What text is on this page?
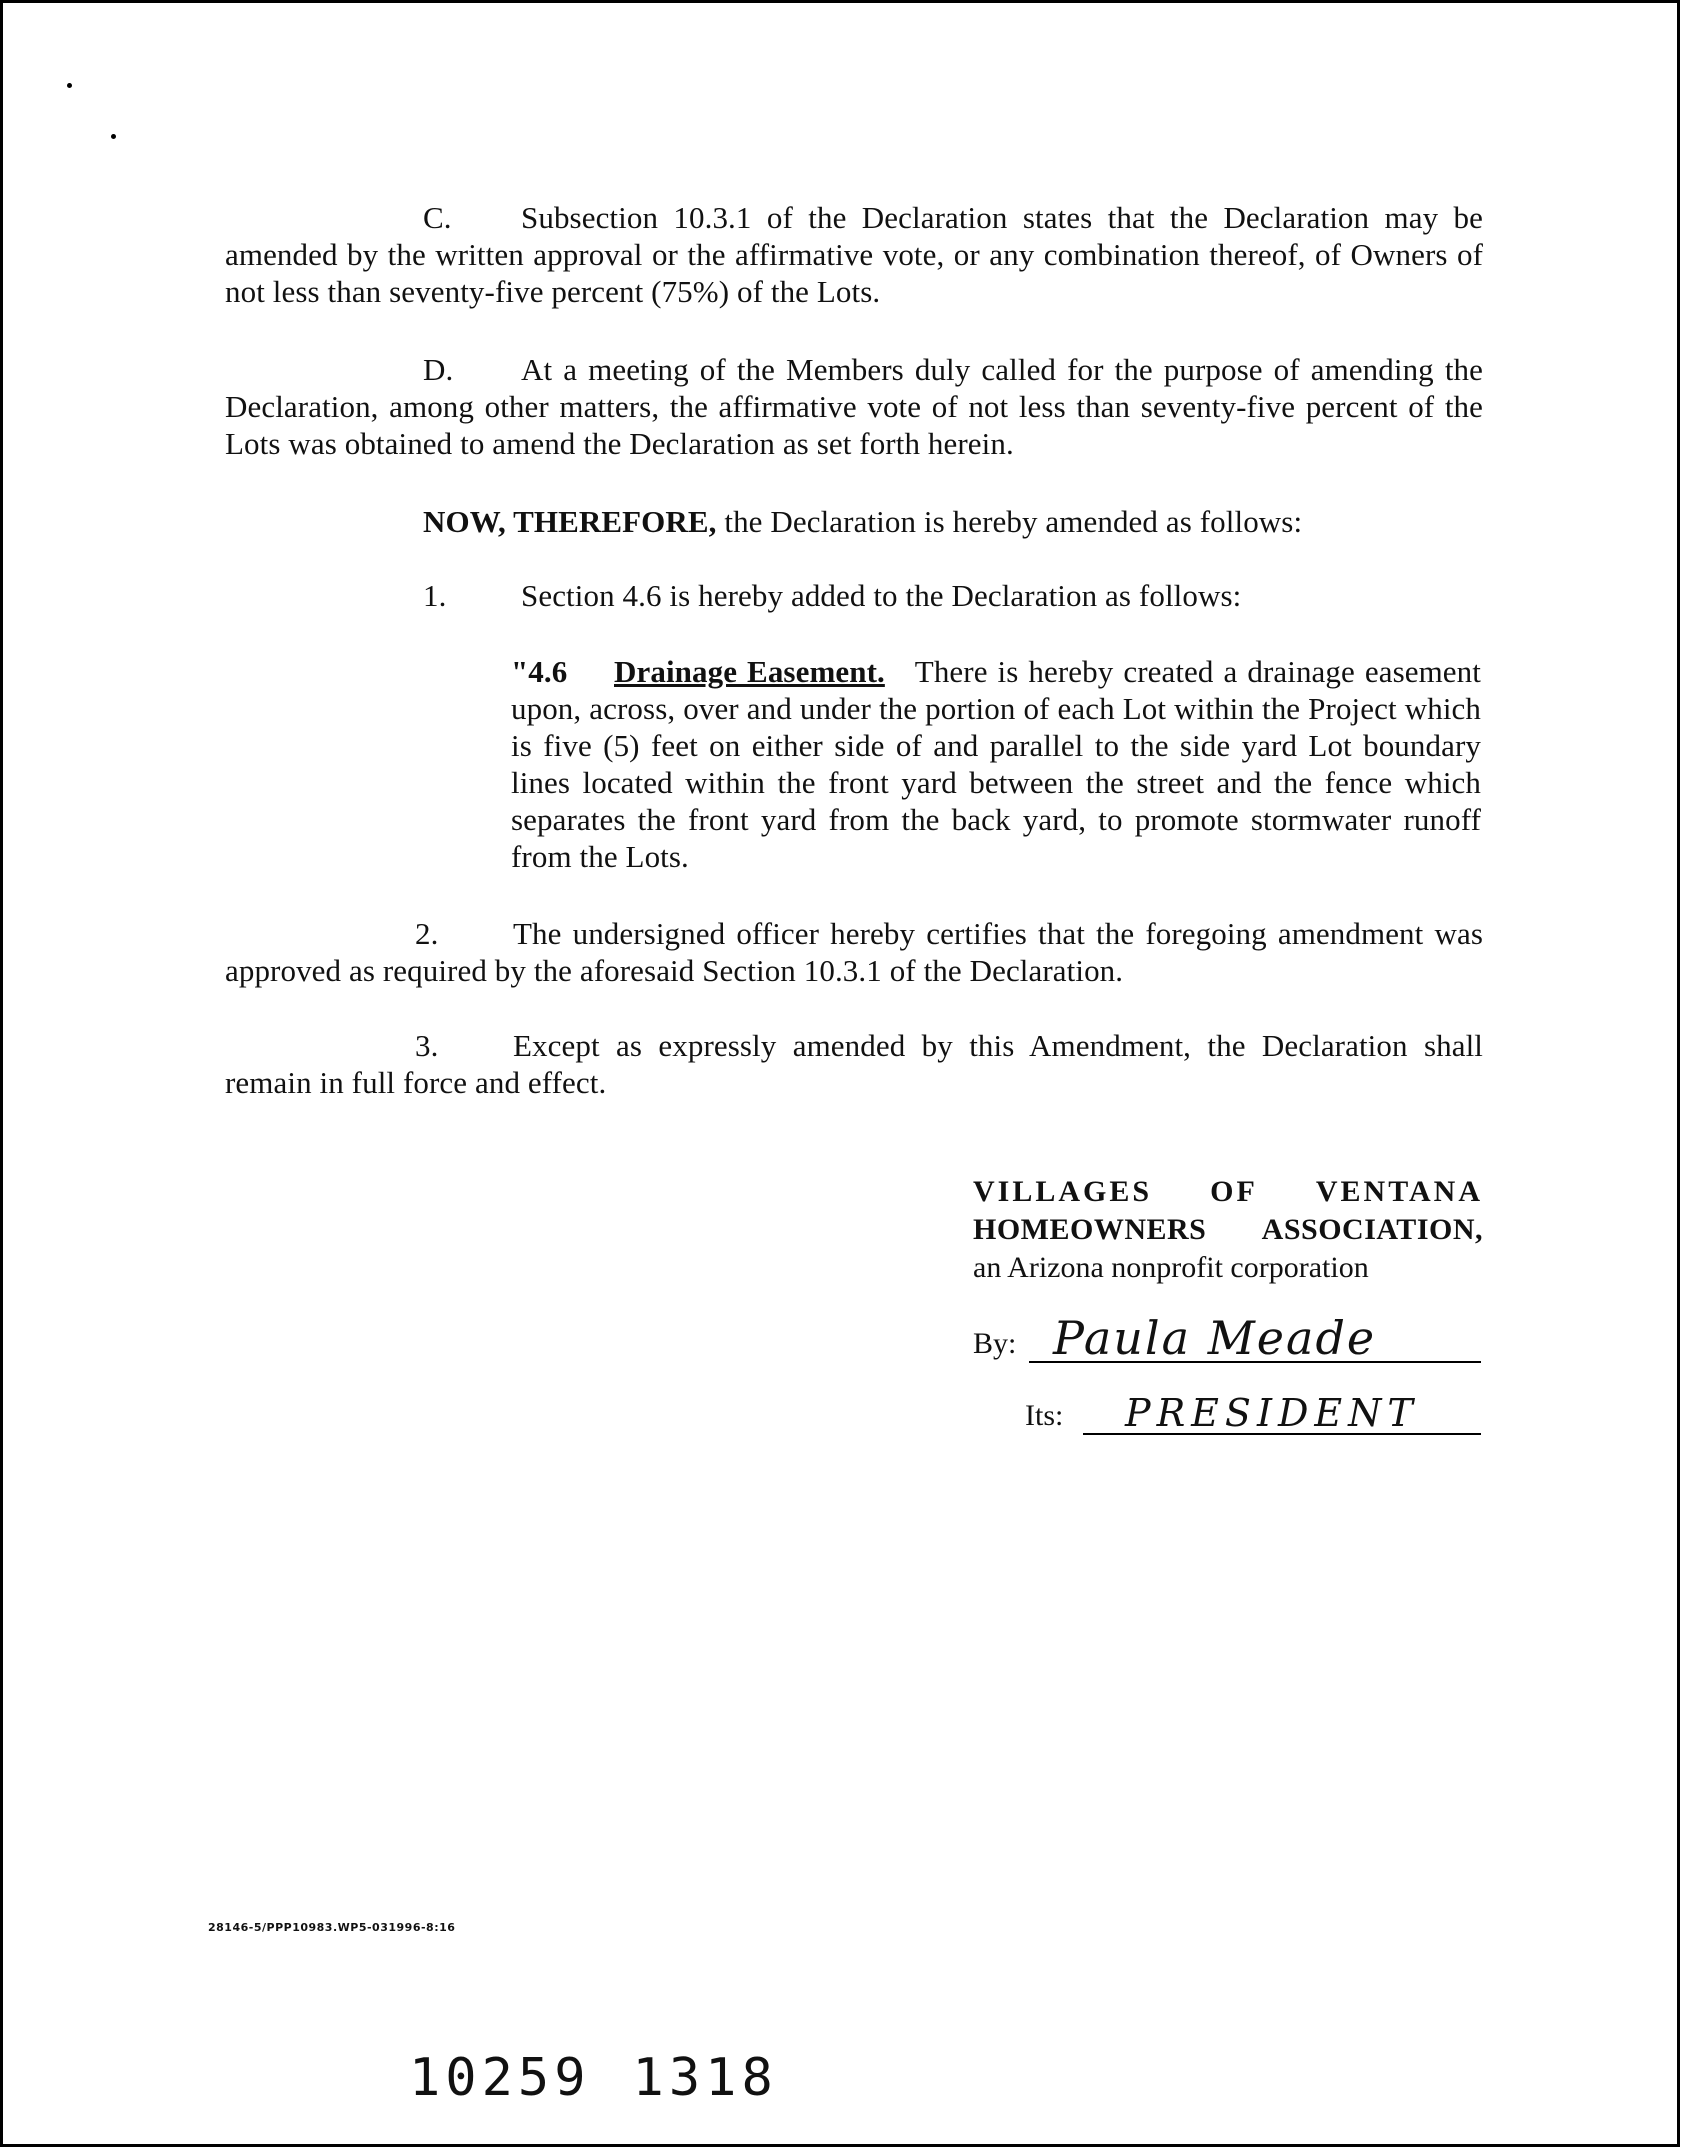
C. Subsection 10.3.1 of the Declaration states that the Declaration may be amended by the written approval or the affirmative vote, or any combination thereof, of Owners of not less than seventy-five percent (75%) of the Lots.
D. At a meeting of the Members duly called for the purpose of amending the Declaration, among other matters, the affirmative vote of not less than seventy-five percent of the Lots was obtained to amend the Declaration as set forth herein.
NOW, THEREFORE, the Declaration is hereby amended as follows:
1. Section 4.6 is hereby added to the Declaration as follows:
"4.6 Drainage Easement. There is hereby created a drainage easement upon, across, over and under the portion of each Lot within the Project which is five (5) feet on either side of and parallel to the side yard Lot boundary lines located within the front yard between the street and the fence which separates the front yard from the back yard, to promote stormwater runoff from the Lots.
2. The undersigned officer hereby certifies that the foregoing amendment was approved as required by the aforesaid Section 10.3.1 of the Declaration.
3. Except as expressly amended by this Amendment, the Declaration shall remain in full force and effect.
VILLAGES OF VENTANA
HOMEOWNERS ASSOCIATION,
an Arizona nonprofit corporation
By: Paula Meade
Its: PRESIDENT
28146-5/PPP10983.WP5-031996-8:16
10259 1318
